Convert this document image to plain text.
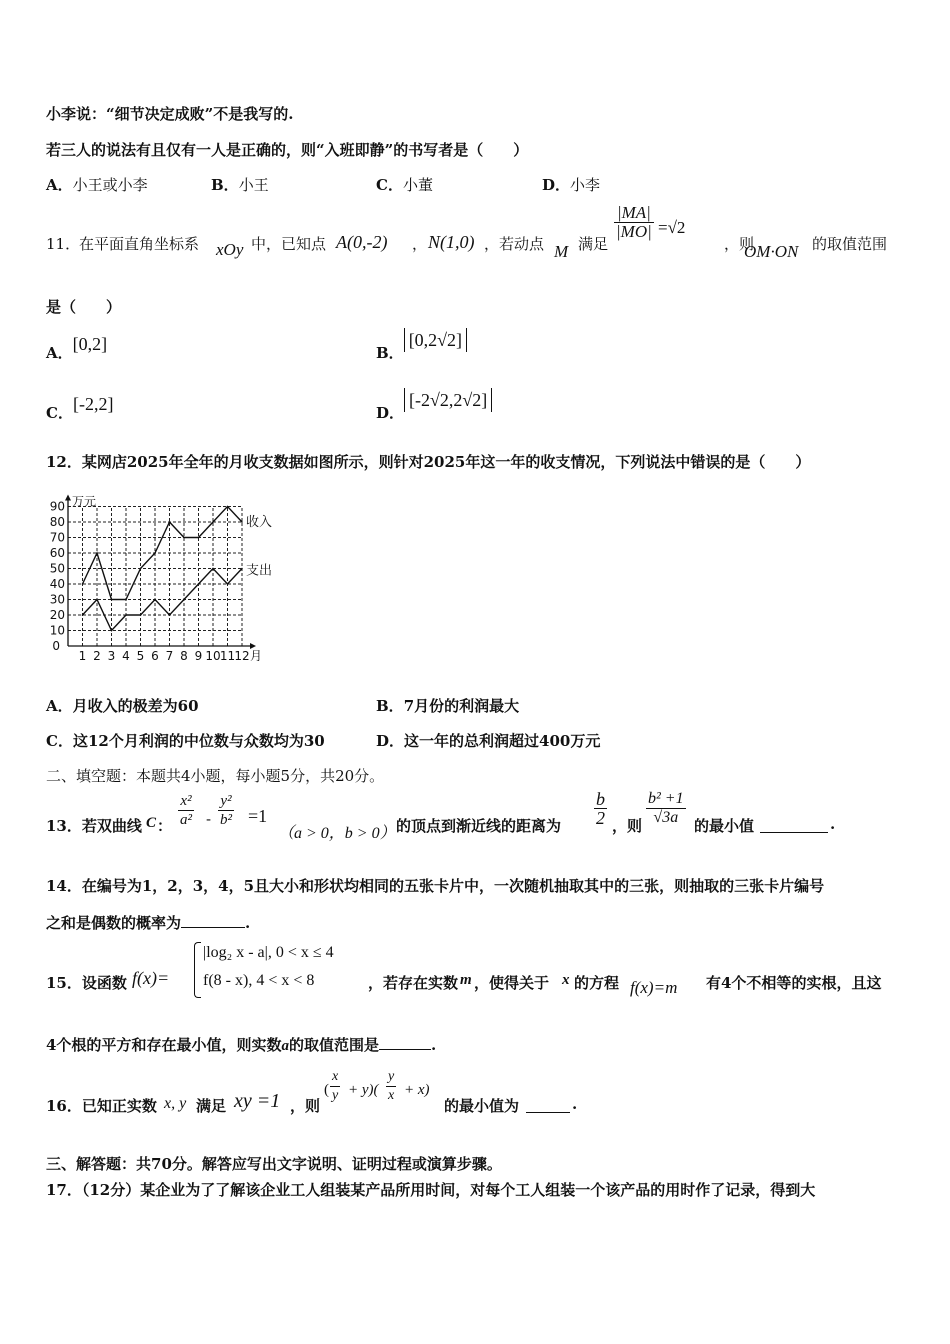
小李说：“细节决定成败”不是我写的.
若三人的说法有且仅有一人是正确的，则“入班即静”的书写者是（　　）
A．小王或小李	B．小王	C．小董	D．小李
11．
在平面直角坐标系 xOy 中，已知点 A(0,-2) ， N(1,0) ，若动点 M 满足
$\frac{|MA|}{|MO|} =√2$
，则
OM·ON 的取值范围
是（　　）
A．[0,2]	B．[0,2√2]
C．[-2,2]	D．[-2√2,2√2]
12．某网店2025年全年的月收支数据如图所示，则针对2025年这一年的收支情况，下列说法中错误的是（　　）
10
20
30
40
50
60
70
80
90
0
1 2 3 4 5 6 7 8 9 10 11 12
万元
月
收入
支出
A．月收入的极差为60	B．7月份的利润最大
C．这12个月利润的中位数与众数均为30	D．这一年的总利润超过400万元
二、填空题：本题共4小题，每小题5分，共20分。
13．若双曲线 C ： $\frac{\text{x²}}{\text{a²}} - \frac{\text{y²}}{\text{b²}} =1$
（a > 0，b > 0） 的顶点到渐近线的距离为 $\frac{b}{2}$ ，则 $\frac{\text{b² +1}}{√3a}$ 的最小值	.
14．在编号为1，2，3，4，5且大小和形状均相同的五张卡片中，一次随机抽取其中的三张，则抽取的三张卡片编号
之和是偶数的概率为	.
15．设函数 f(x)=
|log₂ x - a|, 0 < x ≤ 4
f(8 - x), 4 < x < 8	，若存在实数 m ，使得关于 x 的方程 f(x)=m 有4个不相等的实根，且这
4个根的平方和存在最小值，则实数a的取值范围是	.
16．已知正实数 x, y 满足 xy =1 ，则
( $\frac{x}{y} + y)( \frac{y}{x} + x)$
的最小值为	.
三、解答题：共70分。解答应写出文字说明、证明过程或演算步骤。
17．（12分）某企业为了了解该企业工人组装某产品所用时间，对每个工人组装一个该产品的用时作了记录，得到大
